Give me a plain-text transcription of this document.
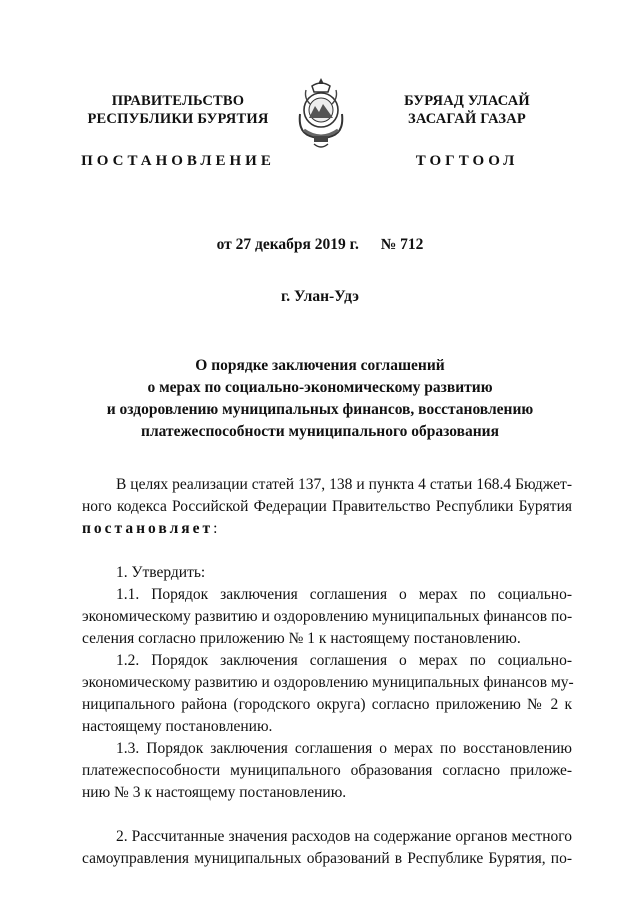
ПРАВИТЕЛЬСТВО
РЕСПУБЛИКИ БУРЯТИЯ
ПОСТАНОВЛЕНИЕ
БУРЯАД УЛАСАЙ
ЗАСАГАЙ ГАЗАР
ТОГТООЛ
от 27 декабря 2019 г. № 712
г. Улан-Удэ
О порядке заключения соглашений
о мерах по социально-экономическому развитию
и оздоровлению муниципальных финансов, восстановлению
платежеспособности муниципального образования
В целях реализации статей 137, 138 и пункта 4 статьи 168.4 Бюджет-
ного кодекса Российской Федерации Правительство Республики Бурятия
постановляет:
1. Утвердить:
1.1. Порядок заключения соглашения о мерах по социально-
экономическому развитию и оздоровлению муниципальных финансов по-
селения согласно приложению № 1 к настоящему постановлению.
1.2. Порядок заключения соглашения о мерах по социально-
экономическому развитию и оздоровлению муниципальных финансов му-
ниципального района (городского округа) согласно приложению № 2 к
настоящему постановлению.
1.3. Порядок заключения соглашения о мерах по восстановлению
платежеспособности муниципального образования согласно приложе-
нию № 3 к настоящему постановлению.
2. Рассчитанные значения расходов на содержание органов местного
самоуправления муниципальных образований в Республике Бурятия, по-
